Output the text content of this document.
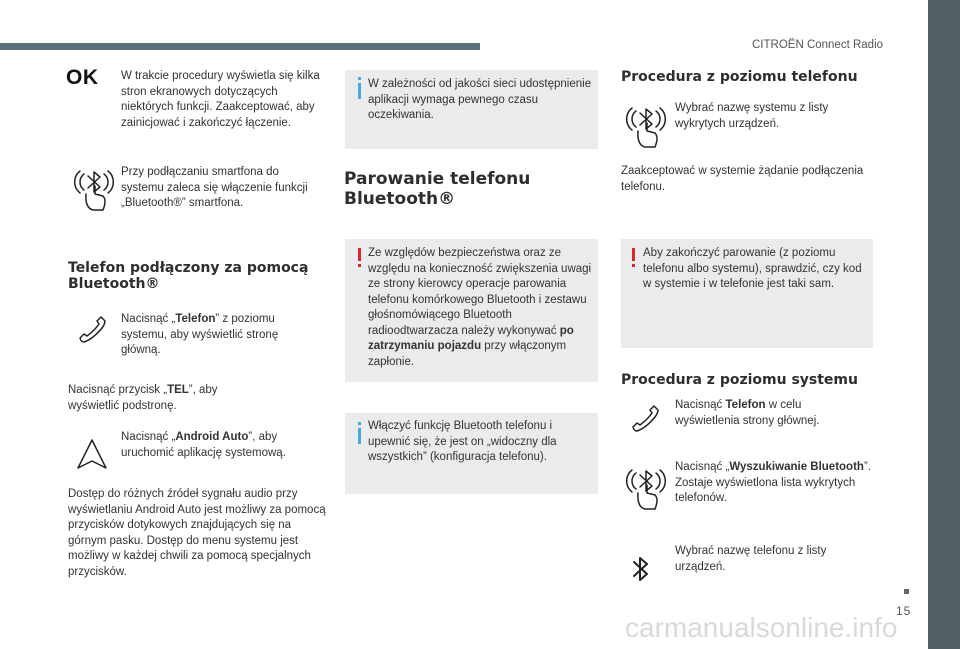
CITROËN Connect Radio
OK W trakcie procedury wyświetla się kilka stron ekranowych dotyczących niektórych funkcji. Zaakceptować, aby zainicjować i zakończyć łączenie.
Przy podłączaniu smartfona do systemu zaleca się włączenie funkcji „Bluetooth®” smartfona.
Telefon podłączony za pomocą Bluetooth®
Nacisnąć „Telefon” z poziomu systemu, aby wyświetlić stronę główną.
Nacisnąć przycisk „TEL”, aby wyświetlić podstronę.
Nacisnąć „Android Auto”, aby uruchomić aplikację systemową.
Dostęp do różnych źródeł sygnału audio przy wyświetlaniu Android Auto jest możliwy za pomocą przycisków dotykowych znajdujących się na górnym pasku. Dostęp do menu systemu jest możliwy w każdej chwili za pomocą specjalnych przycisków.
W zależności od jakości sieci udostępnienie aplikacji wymaga pewnego czasu oczekiwania.
Parowanie telefonu Bluetooth®
Ze względów bezpieczeństwa oraz ze względu na konieczność zwiększenia uwagi ze strony kierowcy operacje parowania telefonu komórkowego Bluetooth i zestawu głośnomówiącego Bluetooth radioodtwarzacza należy wykonywać po zatrzymaniu pojazdu przy włączonym zapłonie.
Włączyć funkcję Bluetooth telefonu i upewnić się, że jest on „widoczny dla wszystkich” (konfiguracja telefonu).
Procedura z poziomu telefonu
Wybrać nazwę systemu z listy wykrytych urządzeń.
Zaakceptować w systemie żądanie podłączenia telefonu.
Aby zakończyć parowanie (z poziomu telefonu albo systemu), sprawdzić, czy kod w systemie i w telefonie jest taki sam.
Procedura z poziomu systemu
Nacisnąć Telefon w celu wyświetlenia strony głównej.
Nacisnąć „Wyszukiwanie Bluetooth”. Zostaje wyświetlona lista wykrytych telefonów.
Wybrać nazwę telefonu z listy urządzeń.
15
carmanualsonline.info
